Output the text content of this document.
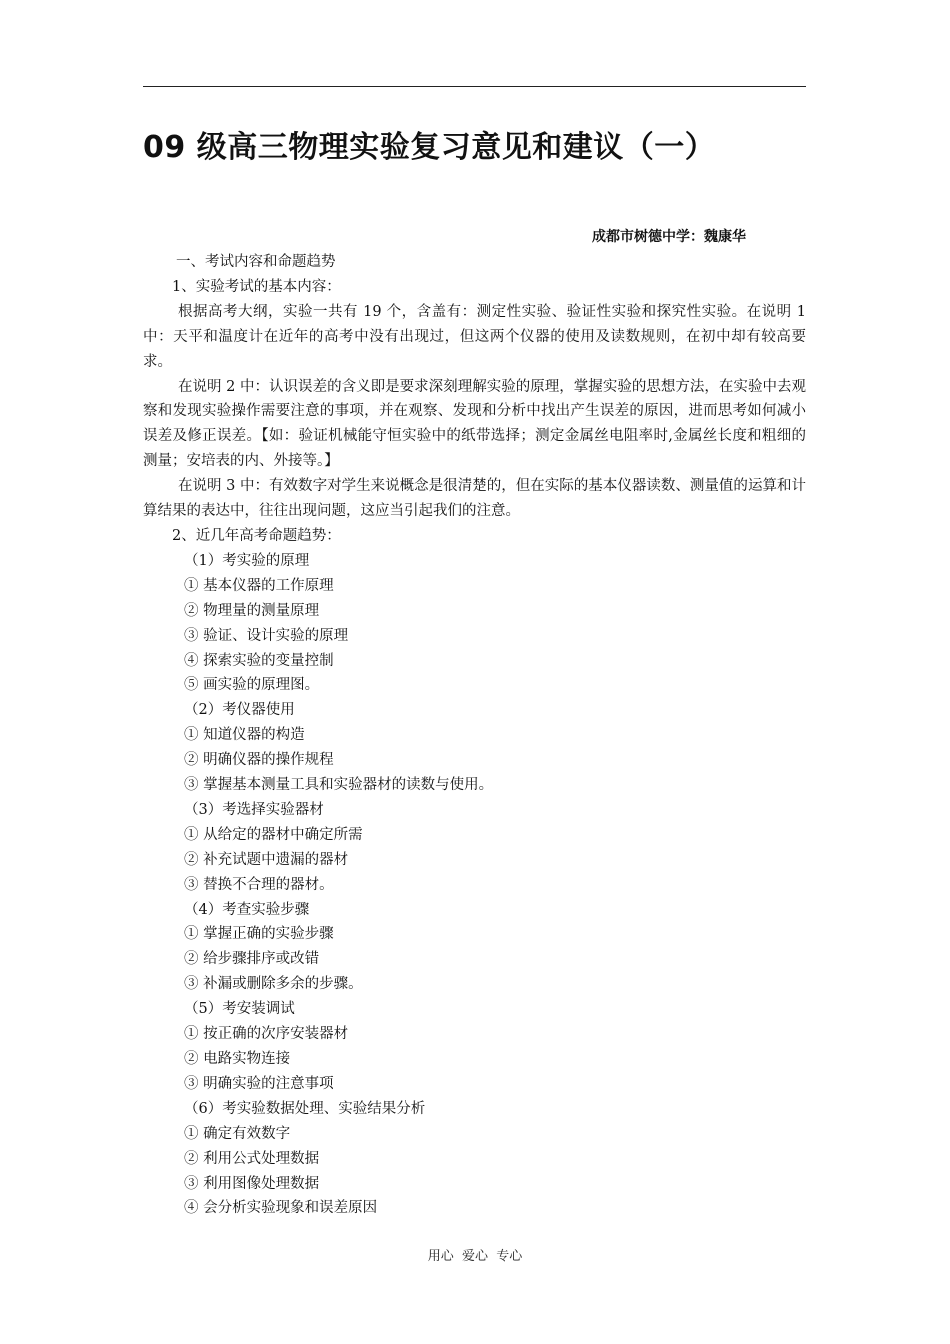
09 级高三物理实验复习意见和建议（一）
成都市树德中学：魏康华

一、考试内容和命题趋势

1、实验考试的基本内容：

根据高考大纲，实验一共有 19 个，含盖有：测定性实验、验证性实验和探究性实验。在说明 1 中：天平和温度计在近年的高考中没有出现过，但这两个仪器的使用及读数规则，在初中却有较高要求。

在说明 2 中：认识误差的含义即是要求深刻理解实验的原理，掌握实验的思想方法，在实验中去观察和发现实验操作需要注意的事项，并在观察、发现和分析中找出产生误差的原因，进而思考如何减小误差及修正误差。【如：验证机械能守恒实验中的纸带选择；测定金属丝电阻率时,金属丝长度和粗细的测量；安培表的内、外接等。】

在说明 3 中：有效数字对学生来说概念是很清楚的，但在实际的基本仪器读数、测量值的运算和计算结果的表达中，往往出现问题，这应当引起我们的注意。

2、近几年高考命题趋势：

（1）考实验的原理

① 基本仪器的工作原理

② 物理量的测量原理

③ 验证、设计实验的原理

④ 探索实验的变量控制

⑤ 画实验的原理图。

（2）考仪器使用

① 知道仪器的构造

② 明确仪器的操作规程

③ 掌握基本测量工具和实验器材的读数与使用。

（3）考选择实验器材

① 从给定的器材中确定所需

② 补充试题中遗漏的器材

③ 替换不合理的器材。

（4）考查实验步骤

① 掌握正确的实验步骤

② 给步骤排序或改错

③ 补漏或删除多余的步骤。

（5）考安装调试

① 按正确的次序安装器材

② 电路实物连接

③ 明确实验的注意事项

（6）考实验数据处理、实验结果分析

① 确定有效数字

② 利用公式处理数据

③ 利用图像处理数据

④ 会分析实验现象和误差原因

用心  爱心  专心
